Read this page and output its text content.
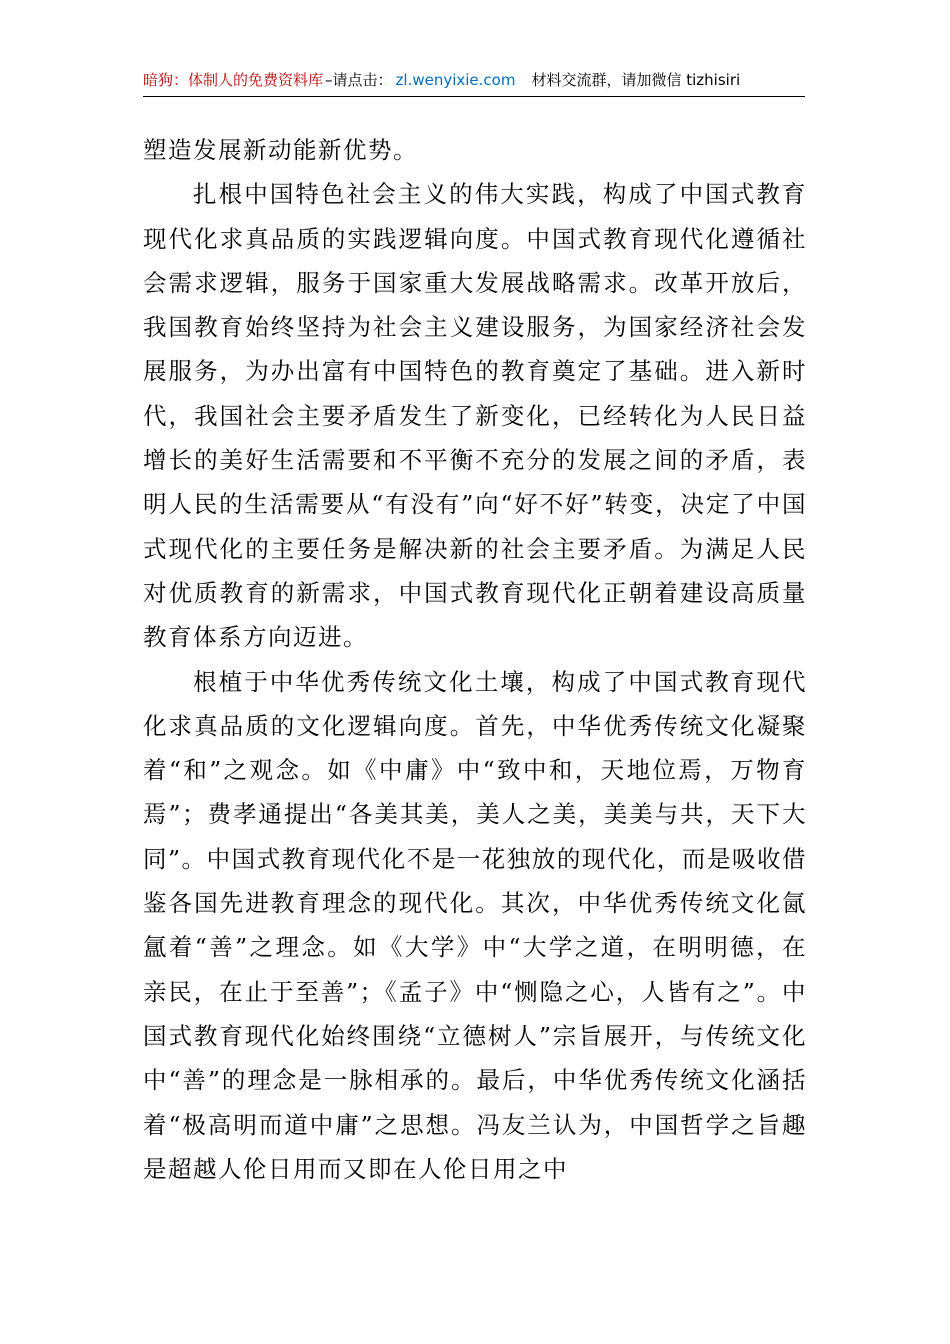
暗狗：体制人的免费资料库 – 请点击： zl.wenyixie.com 材料交流群，请加微信 tizhisiri

塑造发展新动能新优势。

扎根中国特色社会主义的伟大实践，构成了中国式教育现代化求真品质的实践逻辑向度。中国式教育现代化遵循社会需求逻辑，服务于国家重大发展战略需求。改革开放后，我国教育始终坚持为社会主义建设服务，为国家经济社会发展服务，为办出富有中国特色的教育奠定了基础。进入新时代，我国社会主要矛盾发生了新变化，已经转化为人民日益增长的美好生活需要和不平衡不充分的发展之间的矛盾，表明人民的生活需要从“有没有”向“好不好”转变，决定了中国式现代化的主要任务是解决新的社会主要矛盾。为满足人民对优质教育的新需求，中国式教育现代化正朝着建设高质量教育体系方向迈进。

根植于中华优秀传统文化土壤，构成了中国式教育现代化求真品质的文化逻辑向度。首先，中华优秀传统文化凝聚着“和”之观念。如《中庸》中“致中和，天地位焉，万物育焉”；费孝通提出“各美其美，美人之美，美美与共，天下大同”。中国式教育现代化不是一花独放的现代化，而是吸收借鉴各国先进教育理念的现代化。其次，中华优秀传统文化氤氲着“善”之理念。如《大学》中“大学之道，在明明德，在亲民，在止于至善”；《孟子》中“恻隐之心，人皆有之”。中国式教育现代化始终围绕“立德树人”宗旨展开，与传统文化中“善”的理念是一脉相承的。最后，中华优秀传统文化涵括着“极高明而道中庸”之思想。冯友兰认为，中国哲学之旨趣是超越人伦日用而又即在人伦日用之中
